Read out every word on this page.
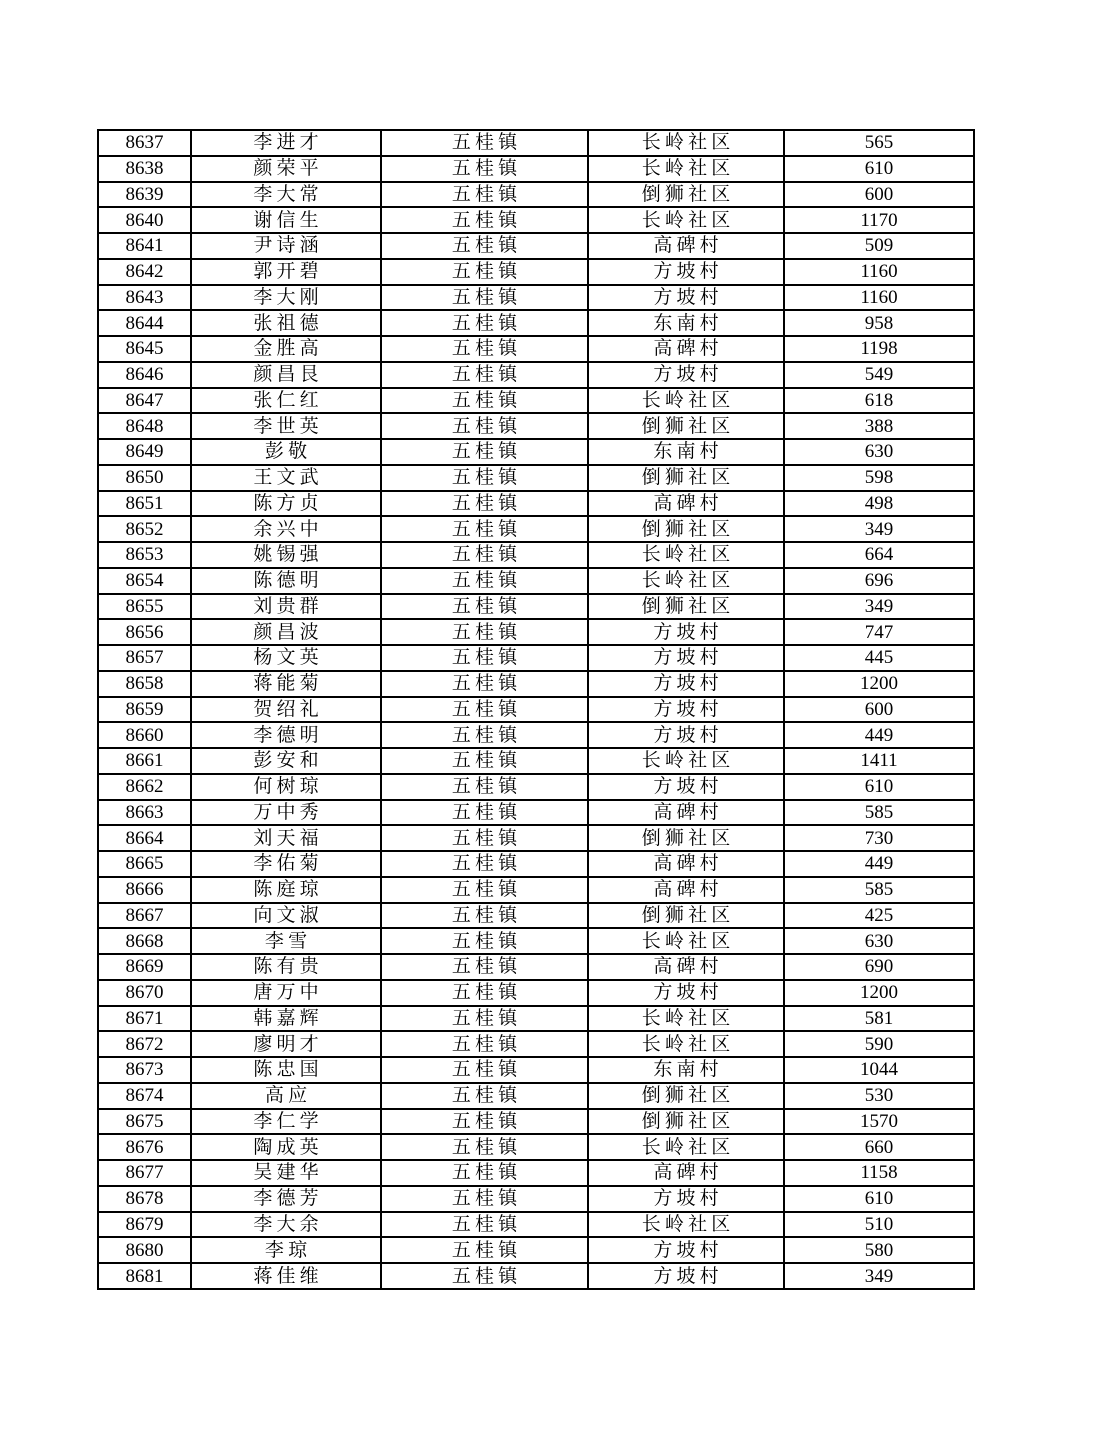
8637	李进才	五桂镇	长岭社区	565
8638	颜荣平	五桂镇	长岭社区	610
8639	李大常	五桂镇	倒狮社区	600
8640	谢信生	五桂镇	长岭社区	1170
8641	尹诗涵	五桂镇	高碑村	509
8642	郭开碧	五桂镇	方坡村	1160
8643	李大刚	五桂镇	方坡村	1160
8644	张祖德	五桂镇	东南村	958
8645	金胜高	五桂镇	高碑村	1198
8646	颜昌艮	五桂镇	方坡村	549
8647	张仁红	五桂镇	长岭社区	618
8648	李世英	五桂镇	倒狮社区	388
8649	彭敬	五桂镇	东南村	630
8650	王文武	五桂镇	倒狮社区	598
8651	陈方贞	五桂镇	高碑村	498
8652	余兴中	五桂镇	倒狮社区	349
8653	姚锡强	五桂镇	长岭社区	664
8654	陈德明	五桂镇	长岭社区	696
8655	刘贵群	五桂镇	倒狮社区	349
8656	颜昌波	五桂镇	方坡村	747
8657	杨文英	五桂镇	方坡村	445
8658	蒋能菊	五桂镇	方坡村	1200
8659	贺绍礼	五桂镇	方坡村	600
8660	李德明	五桂镇	方坡村	449
8661	彭安和	五桂镇	长岭社区	1411
8662	何树琼	五桂镇	方坡村	610
8663	万中秀	五桂镇	高碑村	585
8664	刘天福	五桂镇	倒狮社区	730
8665	李佑菊	五桂镇	高碑村	449
8666	陈庭琼	五桂镇	高碑村	585
8667	向文淑	五桂镇	倒狮社区	425
8668	李雪	五桂镇	长岭社区	630
8669	陈有贵	五桂镇	高碑村	690
8670	唐万中	五桂镇	方坡村	1200
8671	韩嘉辉	五桂镇	长岭社区	581
8672	廖明才	五桂镇	长岭社区	590
8673	陈忠国	五桂镇	东南村	1044
8674	高应	五桂镇	倒狮社区	530
8675	李仁学	五桂镇	倒狮社区	1570
8676	陶成英	五桂镇	长岭社区	660
8677	吴建华	五桂镇	高碑村	1158
8678	李德芳	五桂镇	方坡村	610
8679	李大余	五桂镇	长岭社区	510
8680	李琼	五桂镇	方坡村	580
8681	蒋佳维	五桂镇	方坡村	349
